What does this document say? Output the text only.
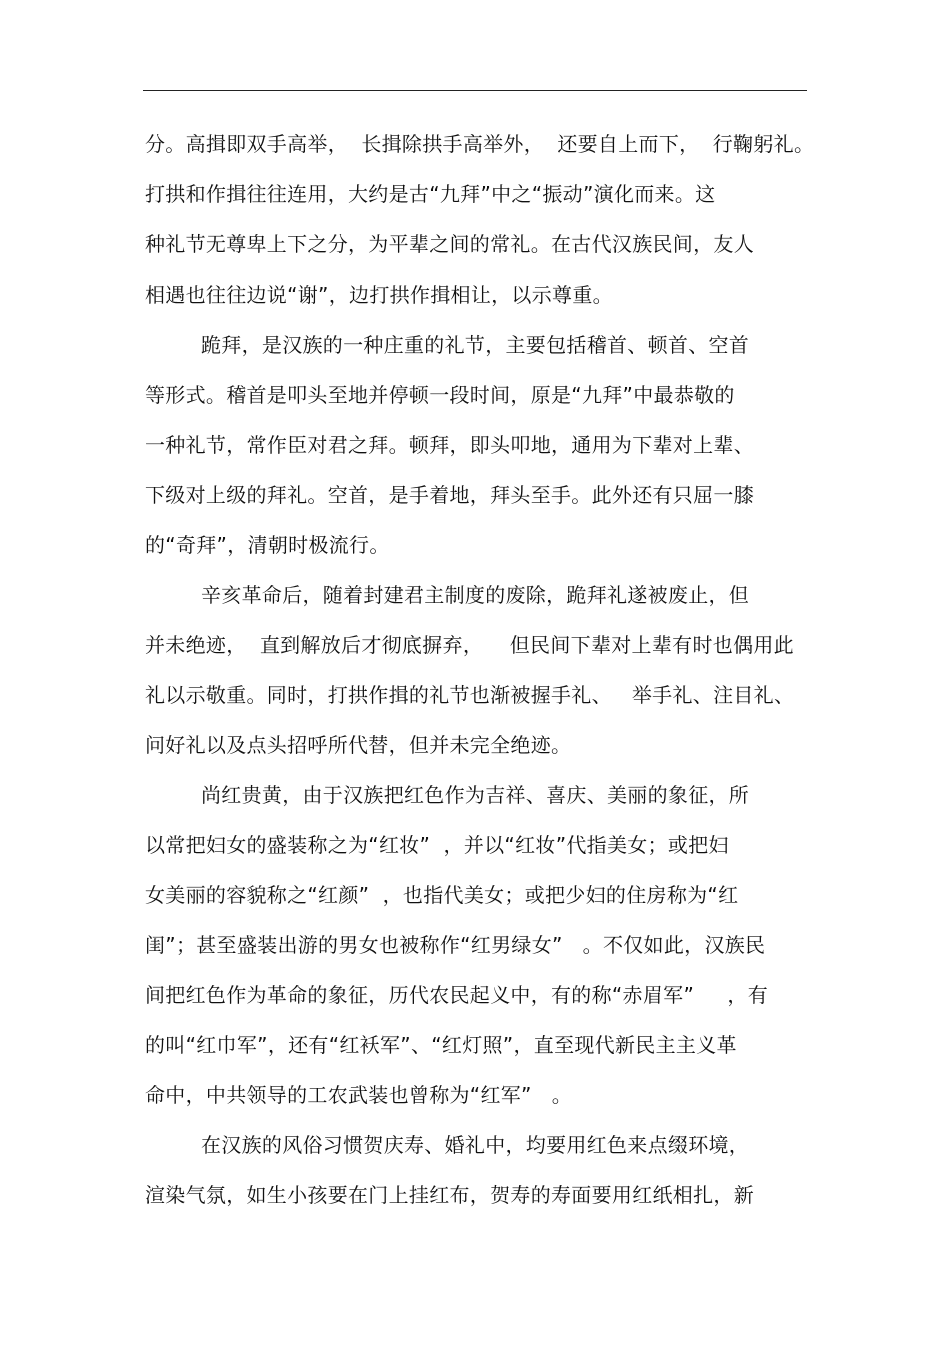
分。高揖即双手高举，  长揖除拱手高举外，  还要自上而下，  行鞠躬礼。
打拱和作揖往往连用，大约是古“九拜”中之“振动”演化而来。这
种礼节无尊卑上下之分，为平辈之间的常礼。在古代汉族民间，友人
相遇也往往边说“谢”，边打拱作揖相让，以示尊重。
跪拜，是汉族的一种庄重的礼节，主要包括稽首、顿首、空首
等形式。稽首是叩头至地并停顿一段时间，原是“九拜”中最恭敬的
一种礼节，常作臣对君之拜。顿拜，即头叩地，通用为下辈对上辈、
下级对上级的拜礼。空首，是手着地，拜头至手。此外还有只屈一膝
的“奇拜”，清朝时极流行。
辛亥革命后，随着封建君主制度的废除，跪拜礼遂被废止，但
并未绝迹，  直到解放后才彻底摒弃，    但民间下辈对上辈有时也偶用此
礼以示敬重。同时，打拱作揖的礼节也渐被握手礼、   举手礼、注目礼、
问好礼以及点头招呼所代替，但并未完全绝迹。
尚红贵黄，由于汉族把红色作为吉祥、喜庆、美丽的象征，所
以常把妇女的盛装称之为“红妆”  ，并以“红妆”代指美女；或把妇
女美丽的容貌称之“红颜”  ，也指代美女；或把少妇的住房称为“红
闺”；甚至盛装出游的男女也被称作“红男绿女”   。不仅如此，汉族民
间把红色作为革命的象征，历代农民起义中，有的称“赤眉军”     ，有
的叫“红巾军”，还有“红袄军”、“红灯照”，直至现代新民主主义革
命中，中共领导的工农武装也曾称为“红军”   。
在汉族的风俗习惯贺庆寿、婚礼中，均要用红色来点缀环境，
渲染气氛，如生小孩要在门上挂红布，贺寿的寿面要用红纸相扎，新
